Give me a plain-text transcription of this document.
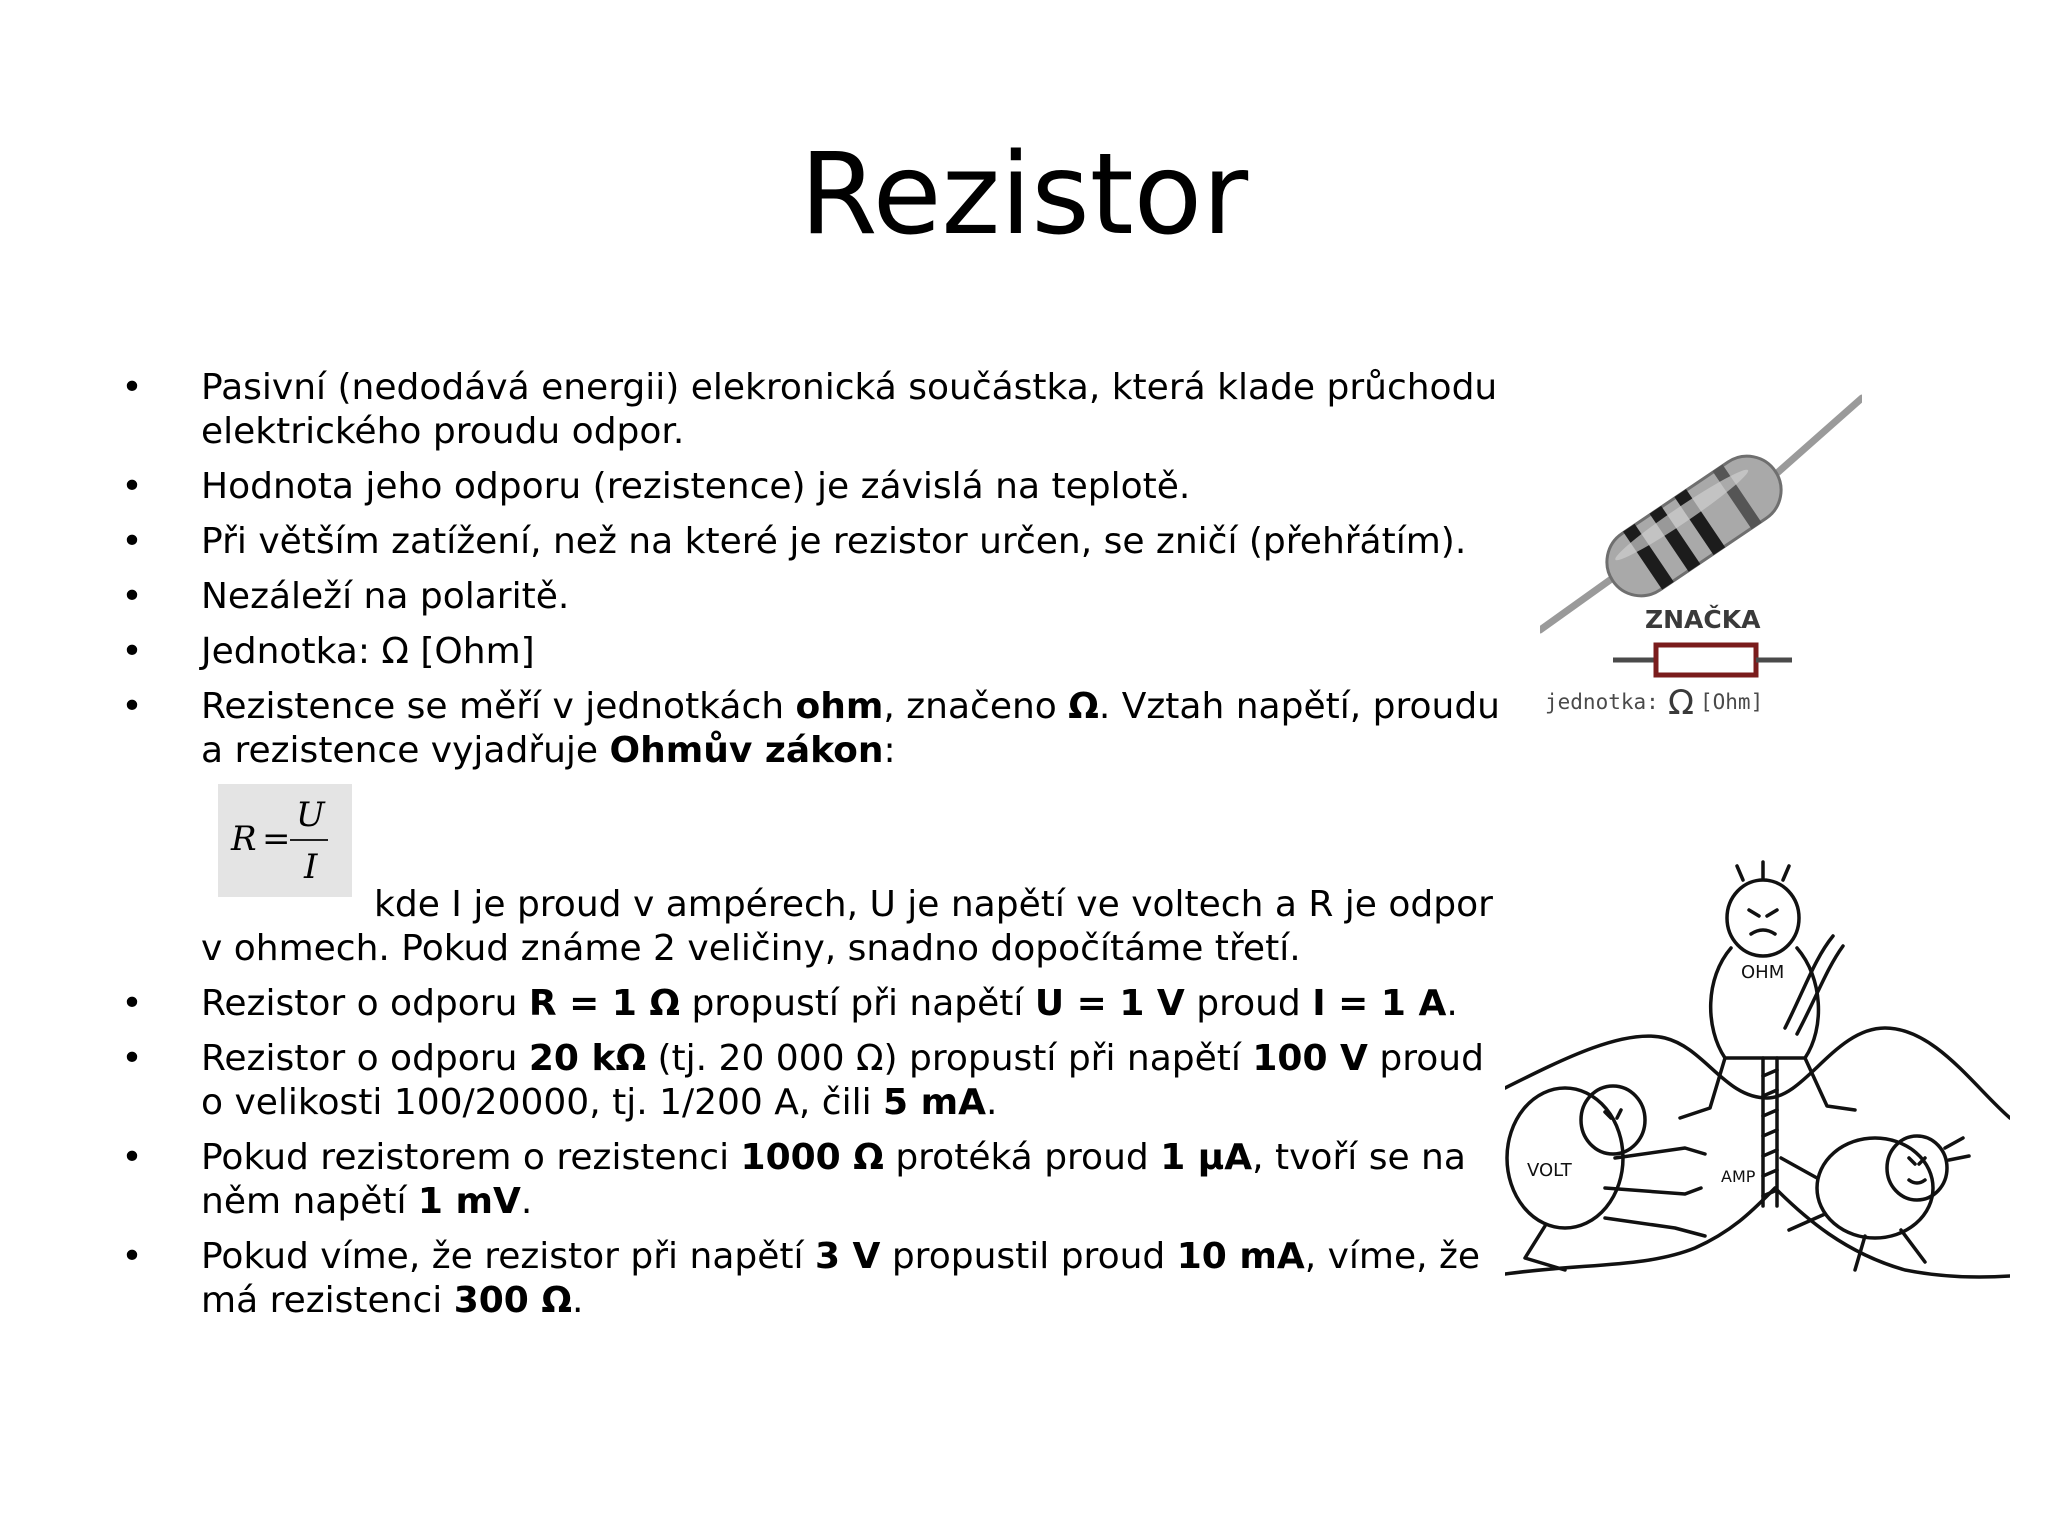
Rezistor
• Pasivní (nedodává energii) elekronická součástka, která klade průchodu elektrického proudu odpor.
• Hodnota jeho odporu (rezistence) je závislá na teplotě.
• Při větším zatížení, než na které je rezistor určen, se zničí (přehřátím).
• Nezáleží na polaritě.
• Jednotka: Ω [Ohm]
• Rezistence se měří v jednotkách ohm, značeno Ω. Vztah napětí, proudu a rezistence vyjadřuje Ohmův zákon:
R =
U
I
kde I je proud v ampérech, U je napětí ve voltech a R je odpor v ohmech. Pokud známe 2 veličiny, snadno dopočítáme třetí.
• Rezistor o odporu R = 1 Ω propustí při napětí U = 1 V proud I = 1 A.
• Rezistor o odporu 20 kΩ (tj. 20 000 Ω) propustí při napětí 100 V proud o velikosti 100/20000, tj. 1/200 A, čili 5 mA.
• Pokud rezistorem o rezistenci 1000 Ω protéká proud 1 µA, tvoří se na něm napětí 1 mV.
• Pokud víme, že rezistor při napětí 3 V propustil proud 10 mA, víme, že má rezistenci 300 Ω.
ZNAČKA
jednotka: Ω [Ohm]
OHM
VOLT	AMP
